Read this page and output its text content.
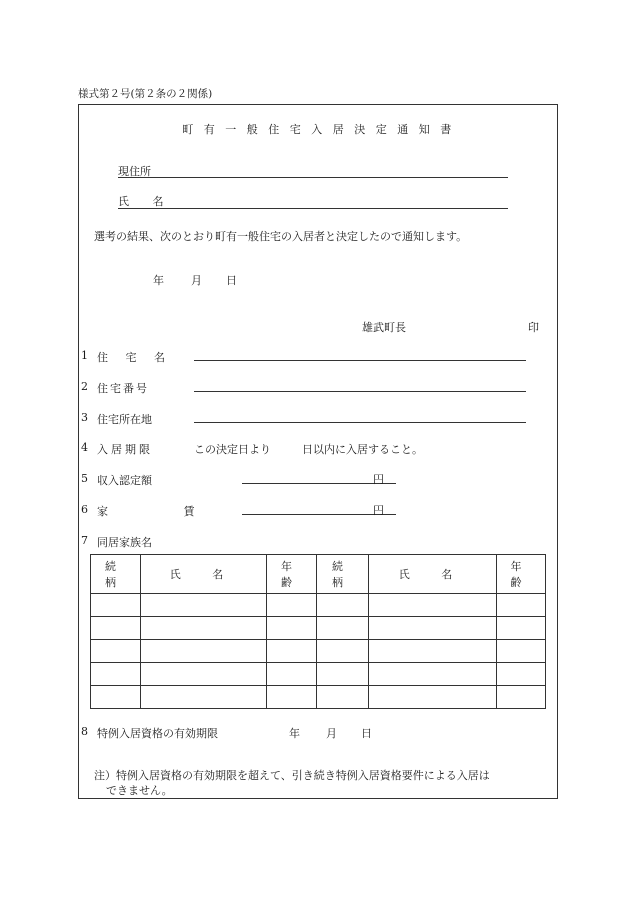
様式第２号(第２条の２関係)
町有一般住宅入居決定通知書
現住所
氏 名
選考の結果、次のとおり町有一般住宅の入居者と決定したので通知します。
年 月 日
雄武町長	印
1 住 宅 名
2 住宅番号
3 住宅所在地
4 入居期限	この決定日より	日以内に入居すること。
5 収入認定額	円
6 家 賃	円
7 同居家族名
続 柄	氏 名	年 齢	続 柄	氏 名	年 齢

8 特例入居資格の有効期限	年 月 日
注）特例入居資格の有効期限を超えて、引き続き特例入居資格要件による入居は
できません。
